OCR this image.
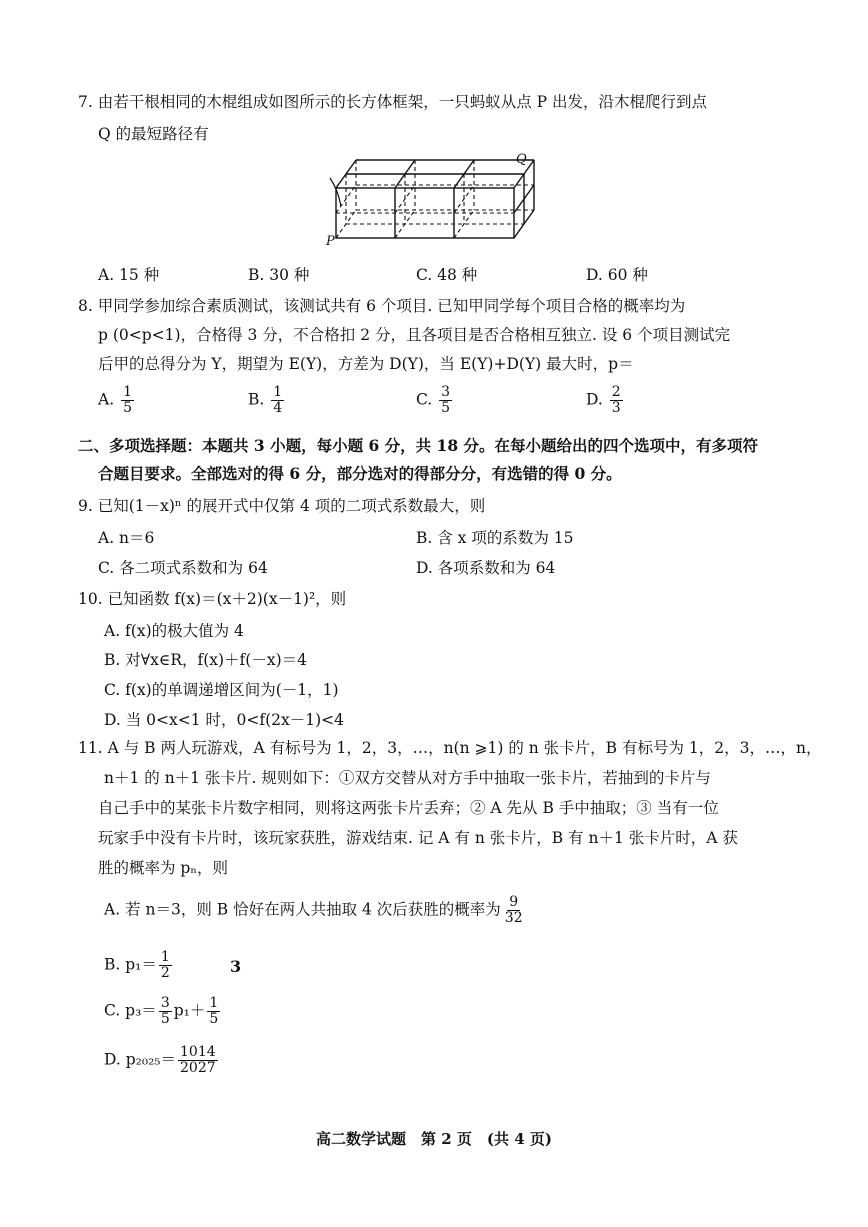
7. 由若干根相同的木棍组成如图所示的长方体框架，一只蚂蚁从点 P 出发，沿木棍爬行到点
Q 的最短路径有
P
Q
A. 15 种	B. 30 种	C. 48 种	D. 60 种
8. 甲同学参加综合素质测试，该测试共有 6 个项目. 已知甲同学每个项目合格的概率均为
p (0<p<1)，合格得 3 分，不合格扣 2 分，且各项目是否合格相互独立. 设 6 个项目测试完
后甲的总得分为 Y，期望为 E(Y)，方差为 D(Y)，当 E(Y)+D(Y) 最大时，p＝
A. $\frac{1}{5}$	B. $\frac{1}{4}$	C. $\frac{3}{5}$	D. $\frac{2}{3}$
二、多项选择题：本题共 3 小题，每小题 6 分，共 18 分。在每小题给出的四个选项中，有多项符
合题目要求。全部选对的得 6 分，部分选对的得部分分，有选错的得 0 分。
9. 已知(1－x)ⁿ 的展开式中仅第 4 项的二项式系数最大，则
A. n＝6	B. 含 x 项的系数为 15
C. 各二项式系数和为 64	D. 各项系数和为 64
10. 已知函数 f(x)＝(x＋2)(x－1)²，则
A. f(x)的极大值为 4
B. 对∀x∈R，f(x)＋f(－x)＝4
C. f(x)的单调递增区间为(－1，1)
D. 当 0<x<1 时，0<f(2x－1)<4
11. A 与 B 两人玩游戏，A 有标号为 1，2，3，…，n(n ⩾1) 的 n 张卡片，B 有标号为 1，2，3，…，n，
n＋1 的 n＋1 张卡片. 规则如下：①双方交替从对方手中抽取一张卡片，若抽到的卡片与
自己手中的某张卡片数字相同，则将这两张卡片丢弃；② A 先从 B 手中抽取；③ 当有一位
玩家手中没有卡片时，该玩家获胜，游戏结束. 记 A 有 n 张卡片，B 有 n＋1 张卡片时，A 获
胜的概率为 pₙ，则
A. 若 n＝3，则 B 恰好在两人共抽取 4 次后获胜的概率为 $\frac{9}{32}$
B. $p_1= \frac{1}{2}$	3
C. $p_3= \frac{3}{5} p_1+ \frac{1}{5}$
D. $p_{2025}= \frac{1014}{2027}$
高二数学试题　第 2 页　(共 4 页)
